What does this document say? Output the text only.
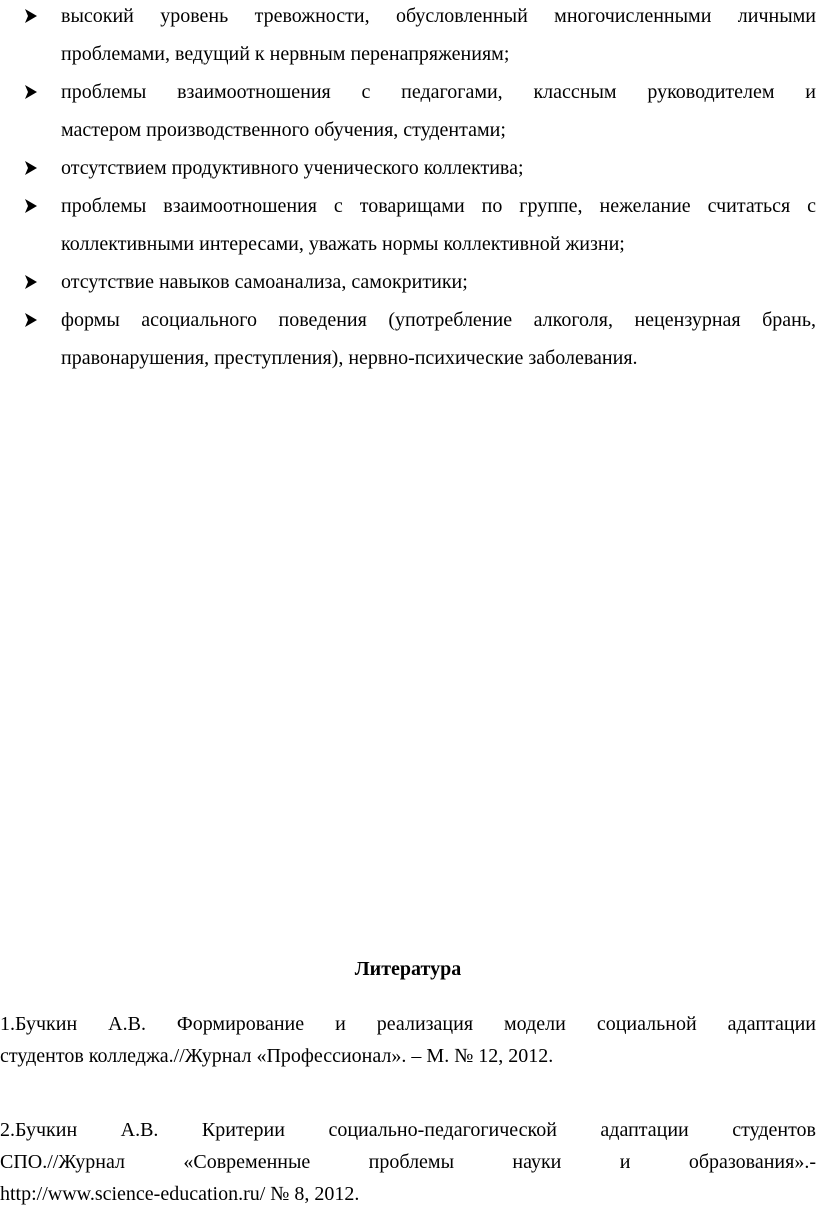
высокий уровень тревожности, обусловленный многочисленными личными
проблемами, ведущий к нервным перенапряжениям;
проблемы взаимоотношения с педагогами, классным руководителем и
мастером производственного обучения, студентами;
отсутствием продуктивного ученического коллектива;
проблемы взаимоотношения с товарищами по группе, нежелание считаться с
коллективными интересами, уважать нормы коллективной жизни;
отсутствие навыков самоанализа, самокритики;
формы асоциального поведения (употребление алкоголя, нецензурная брань,
правонарушения, преступления), нервно-психические заболевания.
Литература
1.Бучкин А.В. Формирование и реализация модели социальной адаптации
студентов колледжа.//Журнал «Профессионал». – М. № 12, 2012.
2.Бучкин А.В. Критерии социально-педагогической адаптации студентов
СПО.//Журнал «Современные проблемы науки и образования».-
http://www.science-education.ru/ № 8, 2012.
